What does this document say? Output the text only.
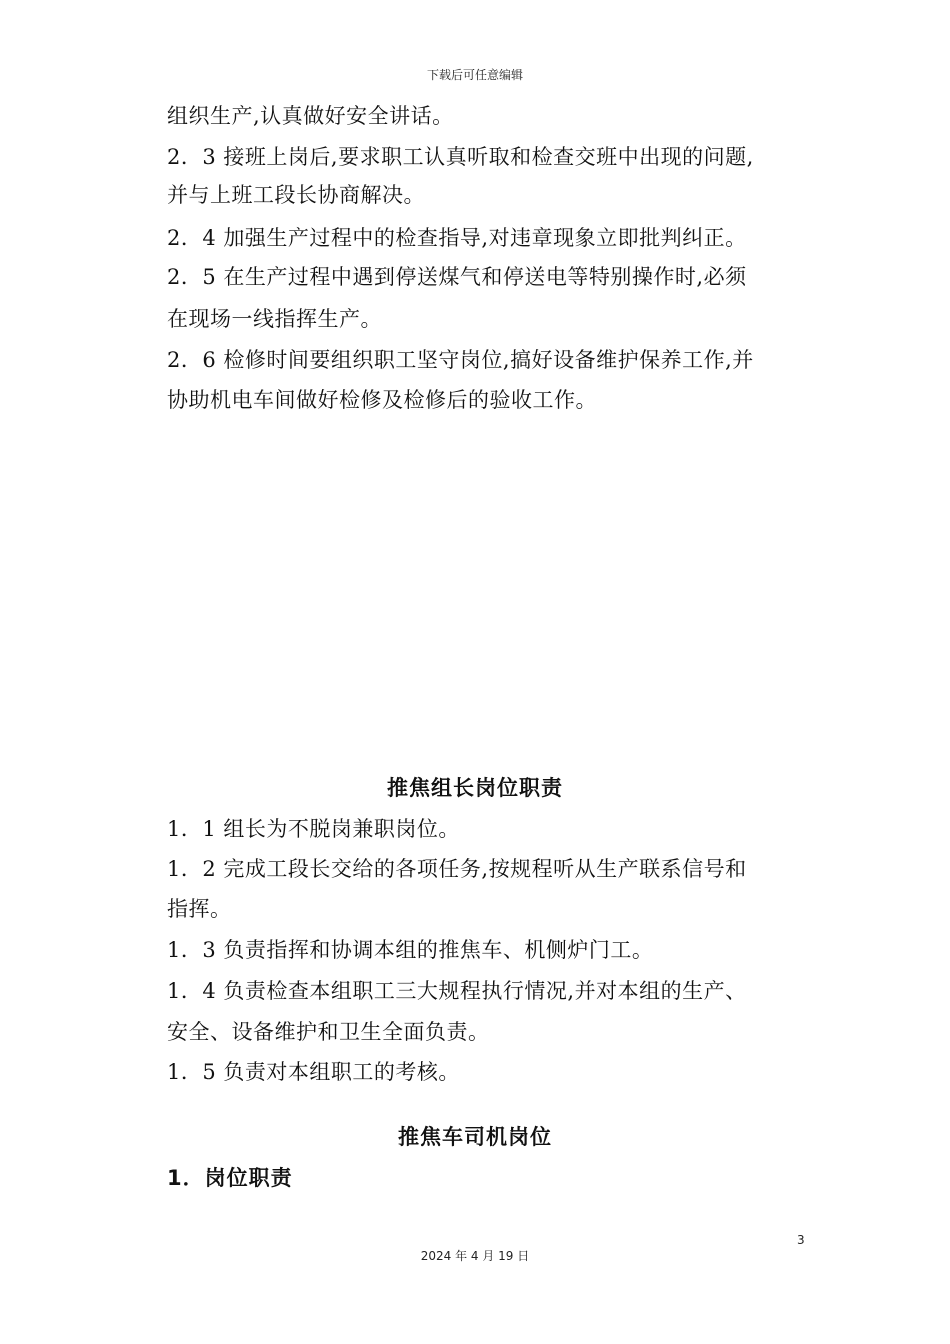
下载后可任意编辑
组织生产,认真做好安全讲话。
2．3 接班上岗后,要求职工认真听取和检查交班中出现的问题,
并与上班工段长协商解决。
2．4 加强生产过程中的检查指导,对违章现象立即批判纠正。
2．5 在生产过程中遇到停送煤气和停送电等特别操作时,必须
在现场一线指挥生产。
2．6 检修时间要组织职工坚守岗位,搞好设备维护保养工作,并
协助机电车间做好检修及检修后的验收工作。
推焦组长岗位职责
1．1 组长为不脱岗兼职岗位。
1．2 完成工段长交给的各项任务,按规程听从生产联系信号和
指挥。
1．3 负责指挥和协调本组的推焦车、机侧炉门工。
1．4 负责检查本组职工三大规程执行情况,并对本组的生产、
安全、设备维护和卫生全面负责。
1．5 负责对本组职工的考核。
推焦车司机岗位
1．岗位职责
3
2024 年 4 月 19 日
